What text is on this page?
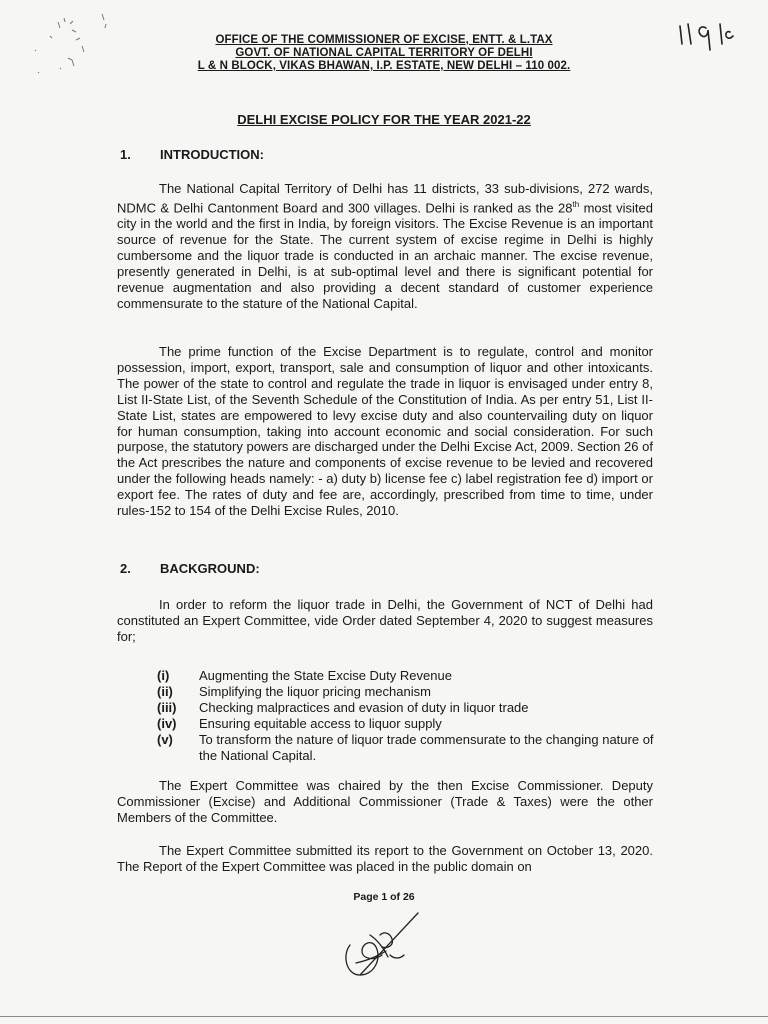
OFFICE OF THE COMMISSIONER OF EXCISE, ENTT. & L.TAX
GOVT. OF NATIONAL CAPITAL TERRITORY OF DELHI
L & N BLOCK, VIKAS BHAWAN, I.P. ESTATE, NEW DELHI – 110 002.
DELHI EXCISE POLICY FOR THE YEAR 2021-22
1. INTRODUCTION:
The National Capital Territory of Delhi has 11 districts, 33 sub-divisions, 272 wards, NDMC & Delhi Cantonment Board and 300 villages. Delhi is ranked as the 28th most visited city in the world and the first in India, by foreign visitors. The Excise Revenue is an important source of revenue for the State. The current system of excise regime in Delhi is highly cumbersome and the liquor trade is conducted in an archaic manner. The excise revenue, presently generated in Delhi, is at sub-optimal level and there is significant potential for revenue augmentation and also providing a decent standard of customer experience commensurate to the stature of the National Capital.
The prime function of the Excise Department is to regulate, control and monitor possession, import, export, transport, sale and consumption of liquor and other intoxicants. The power of the state to control and regulate the trade in liquor is envisaged under entry 8, List II-State List, of the Seventh Schedule of the Constitution of India. As per entry 51, List II-State List, states are empowered to levy excise duty and also countervailing duty on liquor for human consumption, taking into account economic and social consideration. For such purpose, the statutory powers are discharged under the Delhi Excise Act, 2009. Section 26 of the Act prescribes the nature and components of excise revenue to be levied and recovered under the following heads namely: - a) duty b) license fee c) label registration fee d) import or export fee. The rates of duty and fee are, accordingly, prescribed from time to time, under rules-152 to 154 of the Delhi Excise Rules, 2010.
2. BACKGROUND:
In order to reform the liquor trade in Delhi, the Government of NCT of Delhi had constituted an Expert Committee, vide Order dated September 4, 2020 to suggest measures for;
(i)	Augmenting the State Excise Duty Revenue
(ii)	Simplifying the liquor pricing mechanism
(iii)	Checking malpractices and evasion of duty in liquor trade
(iv)	Ensuring equitable access to liquor supply
(v)	To transform the nature of liquor trade commensurate to the changing nature of the National Capital.
The Expert Committee was chaired by the then Excise Commissioner. Deputy Commissioner (Excise) and Additional Commissioner (Trade & Taxes) were the other Members of the Committee.
The Expert Committee submitted its report to the Government on October 13, 2020. The Report of the Expert Committee was placed in the public domain on
Page 1 of 26
